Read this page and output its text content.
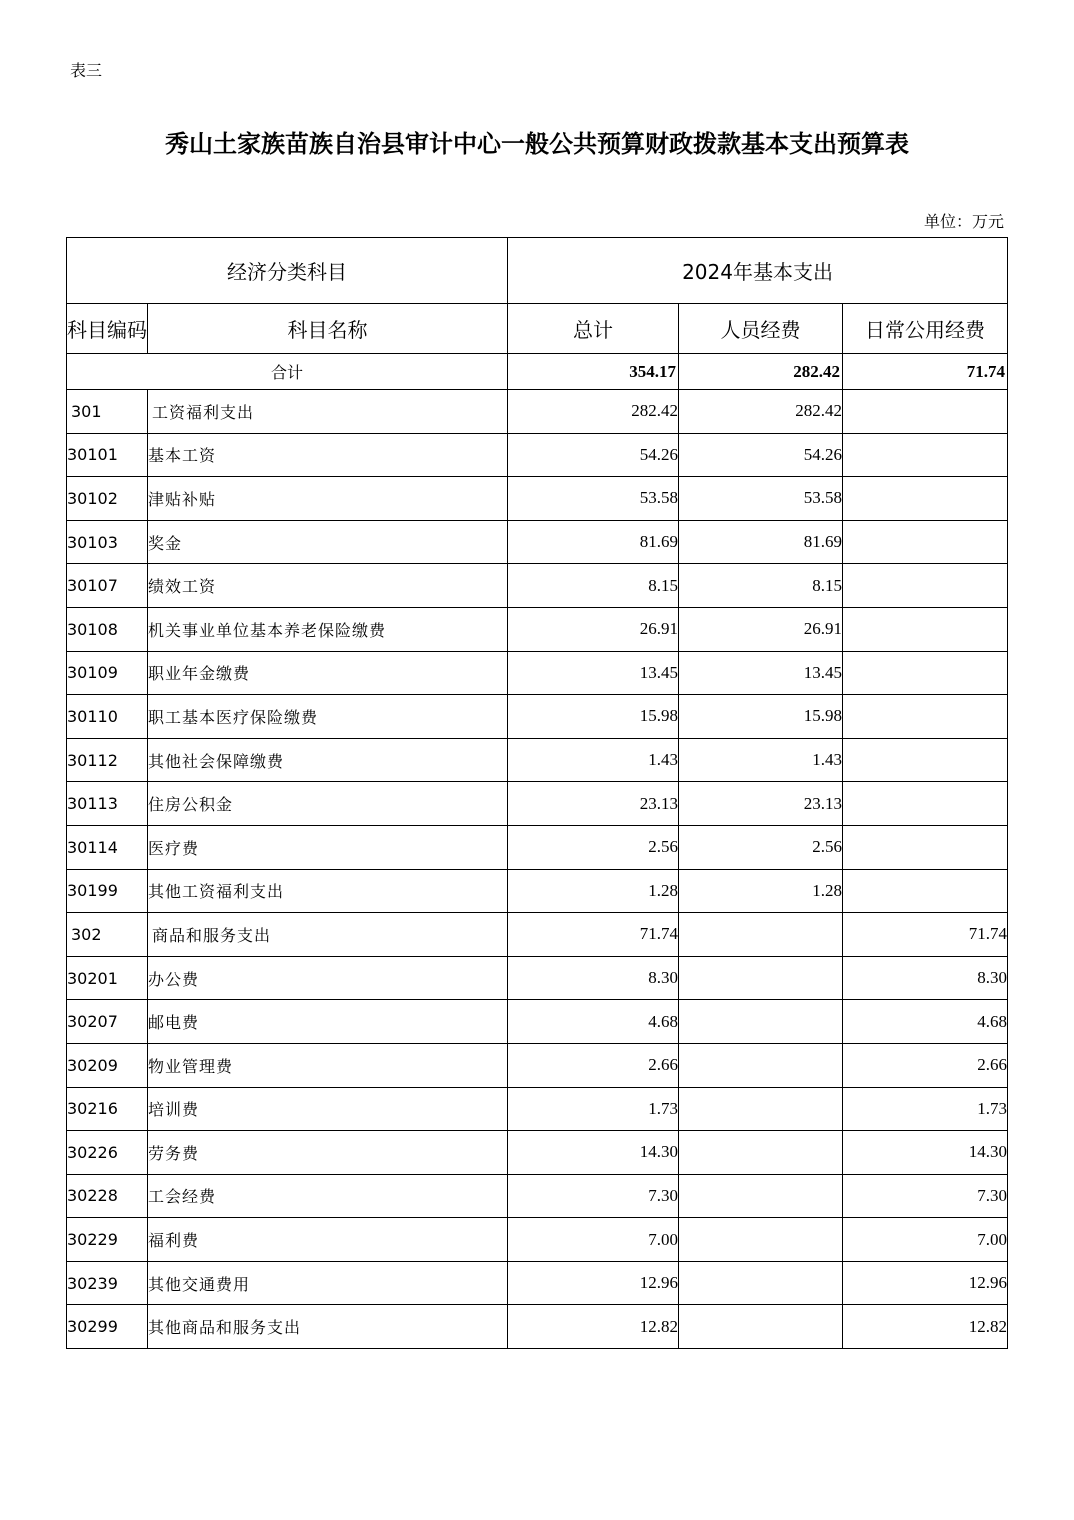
表三
秀山土家族苗族自治县审计中心一般公共预算财政拨款基本支出预算表
单位：万元
经济分类科目		2024年基本支出		
科目编码	科目名称	总计	人员经费	日常公用经费
合计		354.17	282.42	71.74
301	工资福利支出	282.42	282.42	
30101	基本工资	54.26	54.26	
30102	津贴补贴	53.58	53.58	
30103	奖金	81.69	81.69	
30107	绩效工资	8.15	8.15	
30108	机关事业单位基本养老保险缴费	26.91	26.91	
30109	职业年金缴费	13.45	13.45	
30110	职工基本医疗保险缴费	15.98	15.98	
30112	其他社会保障缴费	1.43	1.43	
30113	住房公积金	23.13	23.13	
30114	医疗费	2.56	2.56	
30199	其他工资福利支出	1.28	1.28	
302	商品和服务支出	71.74		71.74
30201	办公费	8.30		8.30
30207	邮电费	4.68		4.68
30209	物业管理费	2.66		2.66
30216	培训费	1.73		1.73
30226	劳务费	14.30		14.30
30228	工会经费	7.30		7.30
30229	福利费	7.00		7.00
30239	其他交通费用	12.96		12.96
30299	其他商品和服务支出	12.82		12.82
